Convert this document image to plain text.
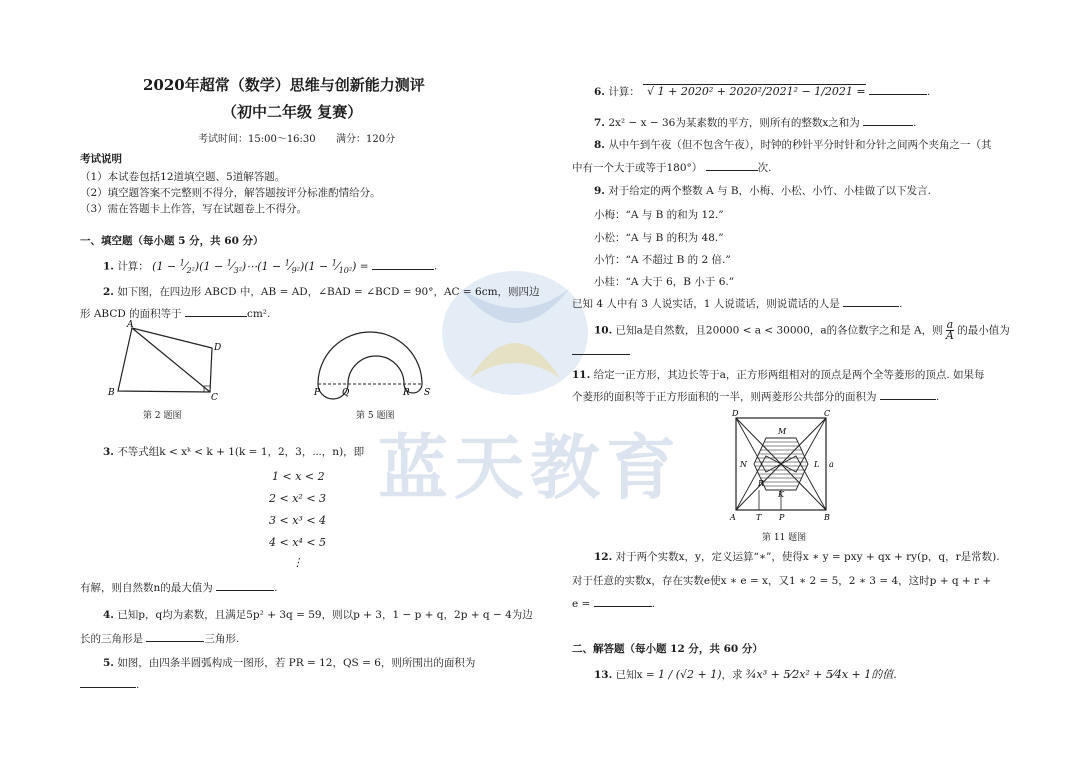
蓝天教育
2020年超常（数学）思维与创新能力测评
（初中二年级 复赛）
考试时间：15:00～16:30 满分：120分
考试说明
（1）本试卷包括12道填空题、5道解答题。
（2）填空题答案不完整则不得分，解答题按评分标准酌情给分。
（3）需在答题卡上作答，写在试题卷上不得分。
一、填空题（每小题 5 分，共 60 分）
1. 计算： $(1 - ^1⁄_{2^2})(1$ − $^1⁄_{3^2})\cdots(1$ − $^1⁄_{9^2})(1$ − $^1⁄_{10^2}$) =	.
2. 如下图，在四边形 ABCD 中，AB = AD，∠BAD = ∠BCD = 90°，AC = 6cm，则四边
形 ABCD 的面积等于	cm².
A
B	C
D
第 2 题图
P Q	R S
第 5 题图
3. 不等式组k < xᵏ < k + 1(k = 1，2，3，⋯，n)，即
1 < x < 2
2 < x² < 3
3 < x³ < 4
4 < x⁴ < 5
⋮
有解，则自然数n的最大值为	.
4. 已知p，q均为素数，且满足5p² + 3q = 59，则以p + 3，1 − p + q，2p + q − 4为边
长的三角形是	三角形.
5. 如图，由四条半圆弧构成一图形，若 PR = 12，QS = 6，则所围出的面积为
.
6. 计算： √ 1 + 2020² + 2020²/2021² − 1/2021 =	.
7. 2x² − x − 36为某素数的平方，则所有的整数x之和为	.
8. 从中午到午夜（但不包含午夜），时钟的秒针平分时针和分针之间两个夹角之一（其
中有一个大于或等于180°）	次.
9. 对于给定的两个整数 A 与 B，小梅、小松、小竹、小桂做了以下发言.
小梅：“A 与 B 的和为 12.”
小松：“A 与 B 的积为 48.”
小竹：“A 不超过 B 的 2 倍.”
小桂：“A 大于 6，B 小于 6.”
已知 4 人中有 3 人说实话，1 人说谎话，则说谎话的人是	.
10. 已知a是自然数，且20000 < a < 30000，a的各位数字之和是 A，则 $\frac{a}{A}$ 的最小值为
11. 给定一正方形，其边长等于a，正方形两组相对的顶点是两个全等菱形的顶点. 如果每
个菱形的面积等于正方形面积的一半，则两菱形公共部分的面积为	.
D	C
A	B
M
N	L a
R
K
T P
第 11 题图
12. 对于两个实数x，y，定义运算“∗”，使得x ∗ y = pxy + qx + ry(p，q，r是常数).
对于任意的实数x，存在实数e使x ∗ e = x，又1 ∗ 2 = 5，2 ∗ 3 = 4，这时p + q + r +
e =	.
二、解答题（每小题 12 分，共 60 分）
13. 已知x = 1 / (√2 + 1)，求 ¾x³ + 5⁄2x² + 5⁄4x + 1的值.
